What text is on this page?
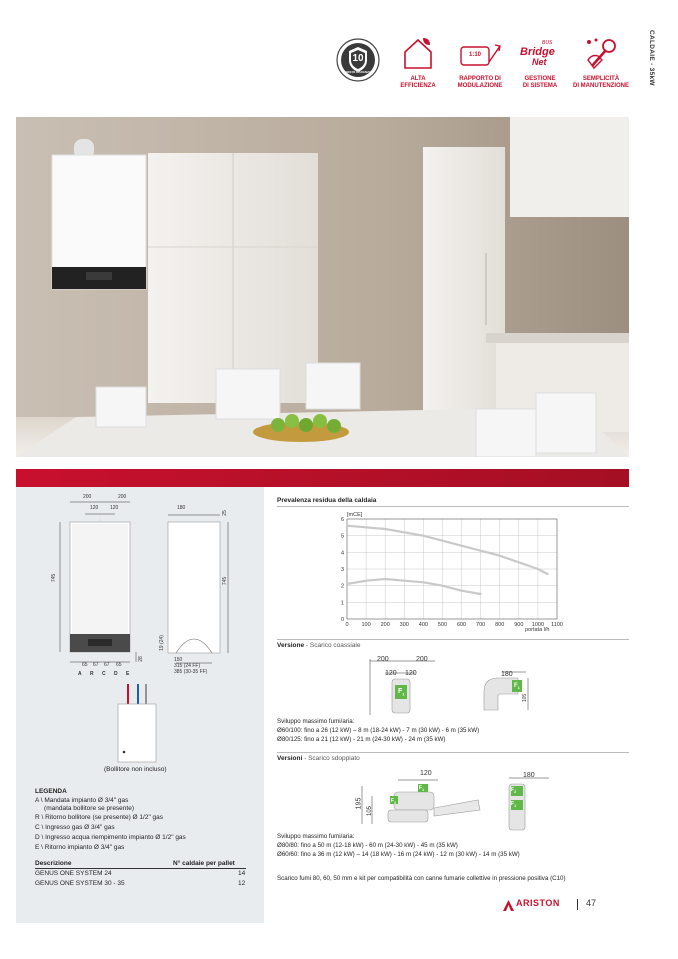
CALDAIE - 35kW
10
ANNI DI GARANZIA
ALTA
EFFICIENZA
1:10
RAPPORTO DI
MODULAZIONE
BUS
Bridge
Net
GESTIONE
DI SISTEMA
SEMPLICITÀ
DI MANUTENZIONE
200	200
120 120
745
65 67 67 65
28
A R C D E
180
25
745
150
315 (24 FF)
385 (30-35 FF)
19 (24)
(Bollitore non incluso)
LEGENDA
A \ Mandata impianto Ø 3/4" gas
(mandata bollitore se presente)
R \ Ritorno bollitore (se presente) Ø 1/2" gas
C \ Ingresso gas Ø 3/4" gas
D \ Ingresso acqua riempimento impianto Ø 1/2" gas
E \ Ritorno impianto Ø 3/4" gas
Descrizione	N° caldaie per pallet
GENUS ONE SYSTEM 24	14
GENUS ONE SYSTEM 30 - 35	12
Prevalenza residua della caldaia
0 100 200 300 400 500 600 700 800 900 1000 1100
0
1
2
3
4
5
6
[mCE]
portata l/h
Versione - Scarico coassiale
200	200
120 120
$F_1$
180
105
$F_1$
Sviluppo massimo fumi/aria:
Ø60/100: fino a 26 (12 kW) – 8 m (18-24 kW) - 7 m (30 kW) - 6 m (35 kW)
Ø80/125: fino a 21 (12 kW) - 21 m (24-30 kW) - 24 m (35 kW)
Versioni - Scarico sdoppiato
120
195
105
$F_2$
$F_1$
180
$F_2$
$F_1$
Sviluppo massimo fumi/aria:
Ø80/80: fino a 50 m (12-18 kW) - 60 m (24-30 kW) - 45 m (35 kW)
Ø60/60: fino a 36 m (12 kW) – 14 (18 kW) - 16 m (24 kW) - 12 m (30 kW) - 14 m (35 kW)
Scarico fumi 80, 60, 50 mm e kit per compatibilità con canne fumarie collettive in pressione positiva (C10)
ARISTON	47
